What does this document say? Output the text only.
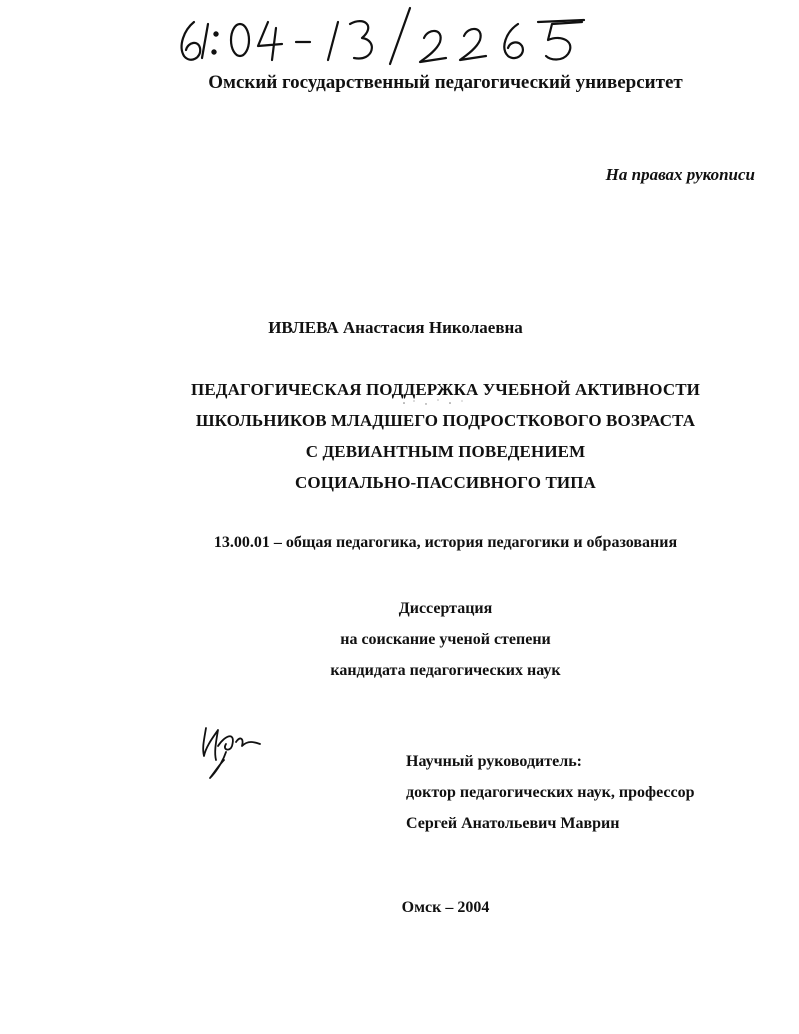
Омский государственный педагогический университет
На правах рукописи
ИВЛЕВА Анастасия Николаевна
ПЕДАГОГИЧЕСКАЯ ПОДДЕРЖКА УЧЕБНОЙ АКТИВНОСТИ
ШКОЛЬНИКОВ МЛАДШЕГО ПОДРОСТКОВОГО ВОЗРАСТА
С ДЕВИАНТНЫМ ПОВЕДЕНИЕМ
СОЦИАЛЬНО-ПАССИВНОГО ТИПА
13.00.01 – общая педагогика, история педагогики и образования
Диссертация
на соискание ученой степени
кандидата педагогических наук
Научный руководитель:
доктор педагогических наук, профессор
Сергей Анатольевич Маврин
Омск – 2004
